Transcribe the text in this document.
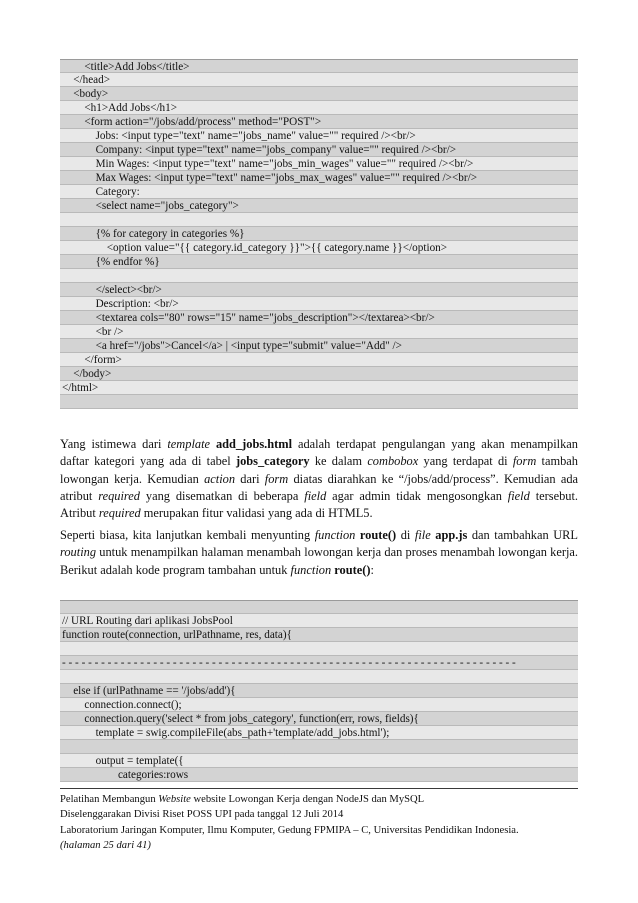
<title>Add Jobs</title>
</head>
<body>
<h1>Add Jobs</h1>
<form action="/jobs/add/process" method="POST">
Jobs: <input type="text" name="jobs_name" value="" required /><br/>
Company: <input type="text" name="jobs_company" value="" required /><br/>
Min Wages: <input type="text" name="jobs_min_wages" value="" required /><br/>
Max Wages: <input type="text" name="jobs_max_wages" value="" required /><br/>
Category:
<select name="jobs_category">
{% for category in categories %}
<option value="{{ category.id_category }}">{{ category.name }}</option>
{% endfor %}
</select><br/>
Description: <br/>
<textarea cols="80" rows="15" name="jobs_description"></textarea><br/>
<br />
<a href="/jobs">Cancel</a> | <input type="submit" value="Add" />
</form>
</body>
</html>

Yang istimewa dari template add_jobs.html adalah terdapat pengulangan yang akan menampilkan daftar kategori yang ada di tabel jobs_category ke dalam combobox yang terdapat di form tambah lowongan kerja. Kemudian action dari form diatas diarahkan ke “/jobs/add/process”. Kemudian ada atribut required yang disematkan di beberapa field agar admin tidak mengosongkan field tersebut. Atribut required merupakan fitur validasi yang ada di HTML5.

Seperti biasa, kita lanjutkan kembali menyunting function route() di file app.js dan tambahkan URL routing untuk menampilkan halaman menambah lowongan kerja dan proses menambah lowongan kerja. Berikut adalah kode program tambahan untuk function route():

// URL Routing dari aplikasi JobsPool
function route(connection, urlPathname, res, data){
- - - - - - - - - - - - - - - - - - - - - - - - - - - - - - - - - - - - - - - - - - - - - - - - - - - - - - - - - - - - - - - - - - - - - -
else if (urlPathname == '/jobs/add'){
connection.connect();
connection.query('select * from jobs_category', function(err, rows, fields){
template = swig.compileFile(abs_path+'template/add_jobs.html');
output = template({
categories:rows
Pelatihan Membangun Website website Lowongan Kerja dengan NodeJS dan MySQL
Diselenggarakan Divisi Riset POSS UPI pada tanggal 12 Juli 2014
Laboratorium Jaringan Komputer, Ilmu Komputer, Gedung FPMIPA – C, Universitas Pendidikan Indonesia.
(halaman 25 dari 41)
